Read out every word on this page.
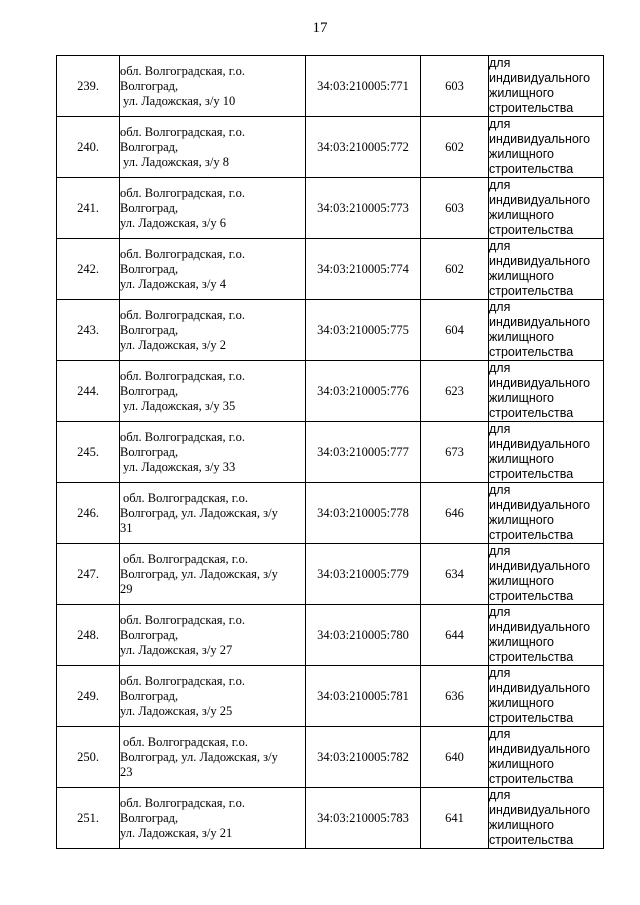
17
239.	обл. Волгоградская, г.о.
Волгоград,
ул. Ладожская, з/у 10	34:03:210005:771	603	для
индивидуального
жилищного
строительства

240.	обл. Волгоградская, г.о.
Волгоград,
ул. Ладожская, з/у 8	34:03:210005:772	602	для
индивидуального
жилищного
строительства

241.	обл. Волгоградская, г.о.
Волгоград,
ул. Ладожская, з/у 6	34:03:210005:773	603	для
индивидуального
жилищного
строительства

242.	обл. Волгоградская, г.о.
Волгоград,
ул. Ладожская, з/у 4	34:03:210005:774	602	для
индивидуального
жилищного
строительства

243.	обл. Волгоградская, г.о.
Волгоград,
ул. Ладожская, з/у 2	34:03:210005:775	604	для
индивидуального
жилищного
строительства

244.	обл. Волгоградская, г.о.
Волгоград,
ул. Ладожская, з/у 35	34:03:210005:776	623	для
индивидуального
жилищного
строительства

245.	обл. Волгоградская, г.о.
Волгоград,
ул. Ладожская, з/у 33	34:03:210005:777	673	для
индивидуального
жилищного
строительства

246.	обл. Волгоградская, г.о.
Волгоград, ул. Ладожская, з/у
31	34:03:210005:778	646	для
индивидуального
жилищного
строительства

247.	обл. Волгоградская, г.о.
Волгоград, ул. Ладожская, з/у
29	34:03:210005:779	634	для
индивидуального
жилищного
строительства

248.	обл. Волгоградская, г.о.
Волгоград,
ул. Ладожская, з/у 27	34:03:210005:780	644	для
индивидуального
жилищного
строительства

249.	обл. Волгоградская, г.о.
Волгоград,
ул. Ладожская, з/у 25	34:03:210005:781	636	для
индивидуального
жилищного
строительства

250.	обл. Волгоградская, г.о.
Волгоград, ул. Ладожская, з/у
23	34:03:210005:782	640	для
индивидуального
жилищного
строительства

251.	обл. Волгоградская, г.о.
Волгоград,
ул. Ладожская, з/у 21	34:03:210005:783	641	для
индивидуального
жилищного
строительства
